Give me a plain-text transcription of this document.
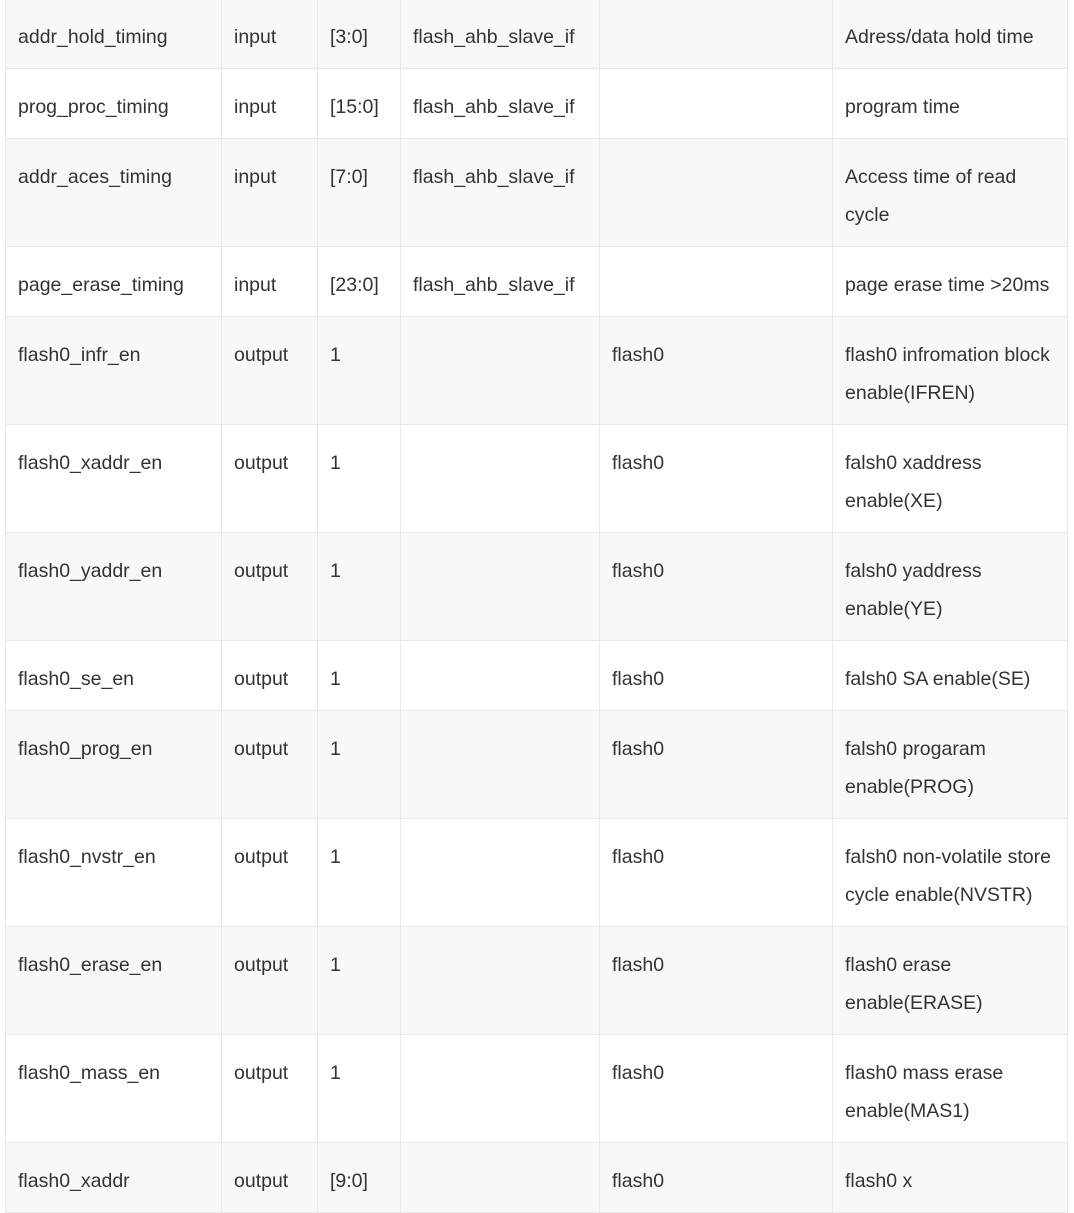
addr_hold_timing	input	[3:0]	flash_ahb_slave_if		Adress/data hold time

prog_proc_timing	input	[15:0]	flash_ahb_slave_if		program time

addr_aces_timing	input	[7:0]	flash_ahb_slave_if		Access time of read cycle

page_erase_timing	input	[23:0]	flash_ahb_slave_if		page erase time >20ms

flash0_infr_en	output	1		flash0	flash0 infromation block enable(IFREN)

flash0_xaddr_en	output	1		flash0	falsh0 xaddress enable(XE)

flash0_yaddr_en	output	1		flash0	falsh0 yaddress enable(YE)

flash0_se_en	output	1		flash0	falsh0 SA enable(SE)

flash0_prog_en	output	1		flash0	falsh0 progaram enable(PROG)

flash0_nvstr_en	output	1		flash0	falsh0 non-volatile store cycle enable(NVSTR)

flash0_erase_en	output	1		flash0	flash0 erase enable(ERASE)

flash0_mass_en	output	1		flash0	flash0 mass erase enable(MAS1)

flash0_xaddr	output	[9:0]		flash0	flash0 x
